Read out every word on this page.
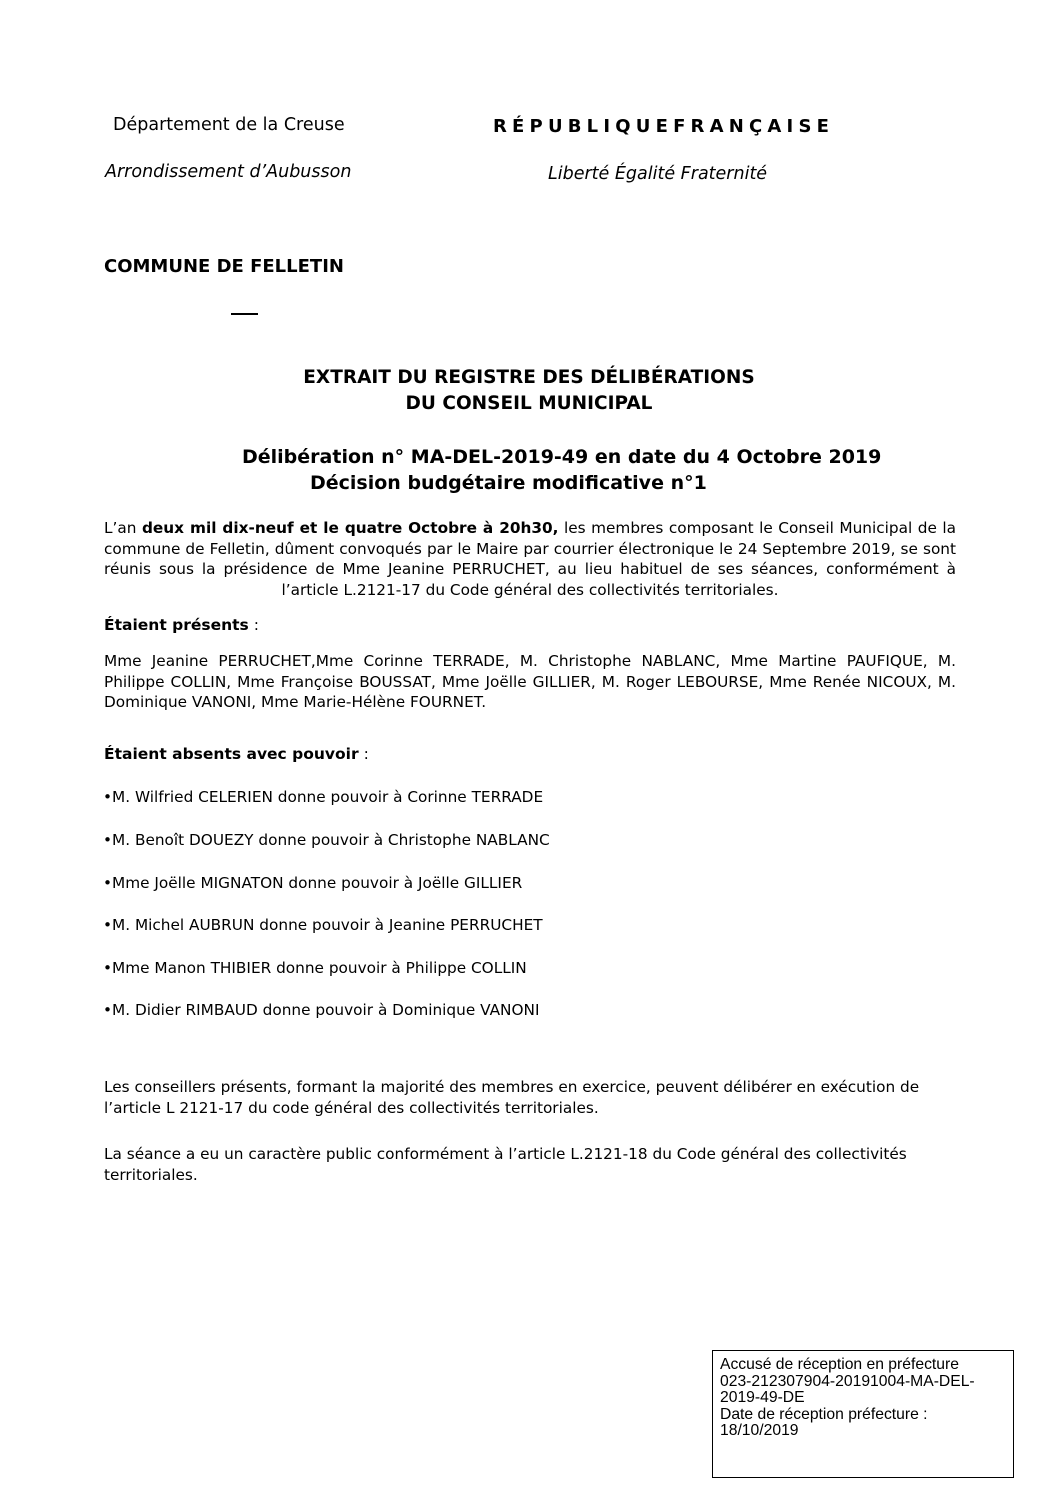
Département de la Creuse
Arrondissement d’Aubusson
RÉPUBLIQUEFRANÇAISE
Liberté Égalité Fraternité
COMMUNE DE FELLETIN
EXTRAIT DU REGISTRE DES DÉLIBÉRATIONS
DU CONSEIL MUNICIPAL
Délibération n° MA-DEL-2019-49 en date du 4 Octobre 2019
Décision budgétaire modificative n°1
L’an deux mil dix-neuf et le quatre Octobre à 20h30, les membres composant le Conseil Municipal de la commune de Felletin, dûment convoqués par le Maire par courrier électronique le 24 Septembre 2019, se sont réunis sous la présidence de Mme Jeanine PERRUCHET, au lieu habituel de ses séances, conformément à l’article L.2121-17 du Code général des collectivités territoriales.
Étaient présents :
Mme Jeanine PERRUCHET,Mme Corinne TERRADE, M. Christophe NABLANC, Mme Martine PAUFIQUE, M. Philippe COLLIN, Mme Françoise BOUSSAT, Mme Joëlle GILLIER, M. Roger LEBOURSE, Mme Renée NICOUX, M. Dominique VANONI, Mme Marie-Hélène FOURNET.
Étaient absents avec pouvoir :
•M. Wilfried CELERIEN donne pouvoir à Corinne TERRADE
•M. Benoît DOUEZY donne pouvoir à Christophe NABLANC
•Mme Joëlle MIGNATON donne pouvoir à Joëlle GILLIER
•M. Michel AUBRUN donne pouvoir à Jeanine PERRUCHET
•Mme Manon THIBIER donne pouvoir à Philippe COLLIN
•M. Didier RIMBAUD donne pouvoir à Dominique VANONI
Les conseillers présents, formant la majorité des membres en exercice, peuvent délibérer en exécution de l’article L 2121-17 du code général des collectivités territoriales.
La séance a eu un caractère public conformément à l’article L.2121-18 du Code général des collectivités territoriales.
Accusé de réception en préfecture
023-212307904-20191004-MA-DEL-
2019-49-DE
Date de réception préfecture :
18/10/2019
